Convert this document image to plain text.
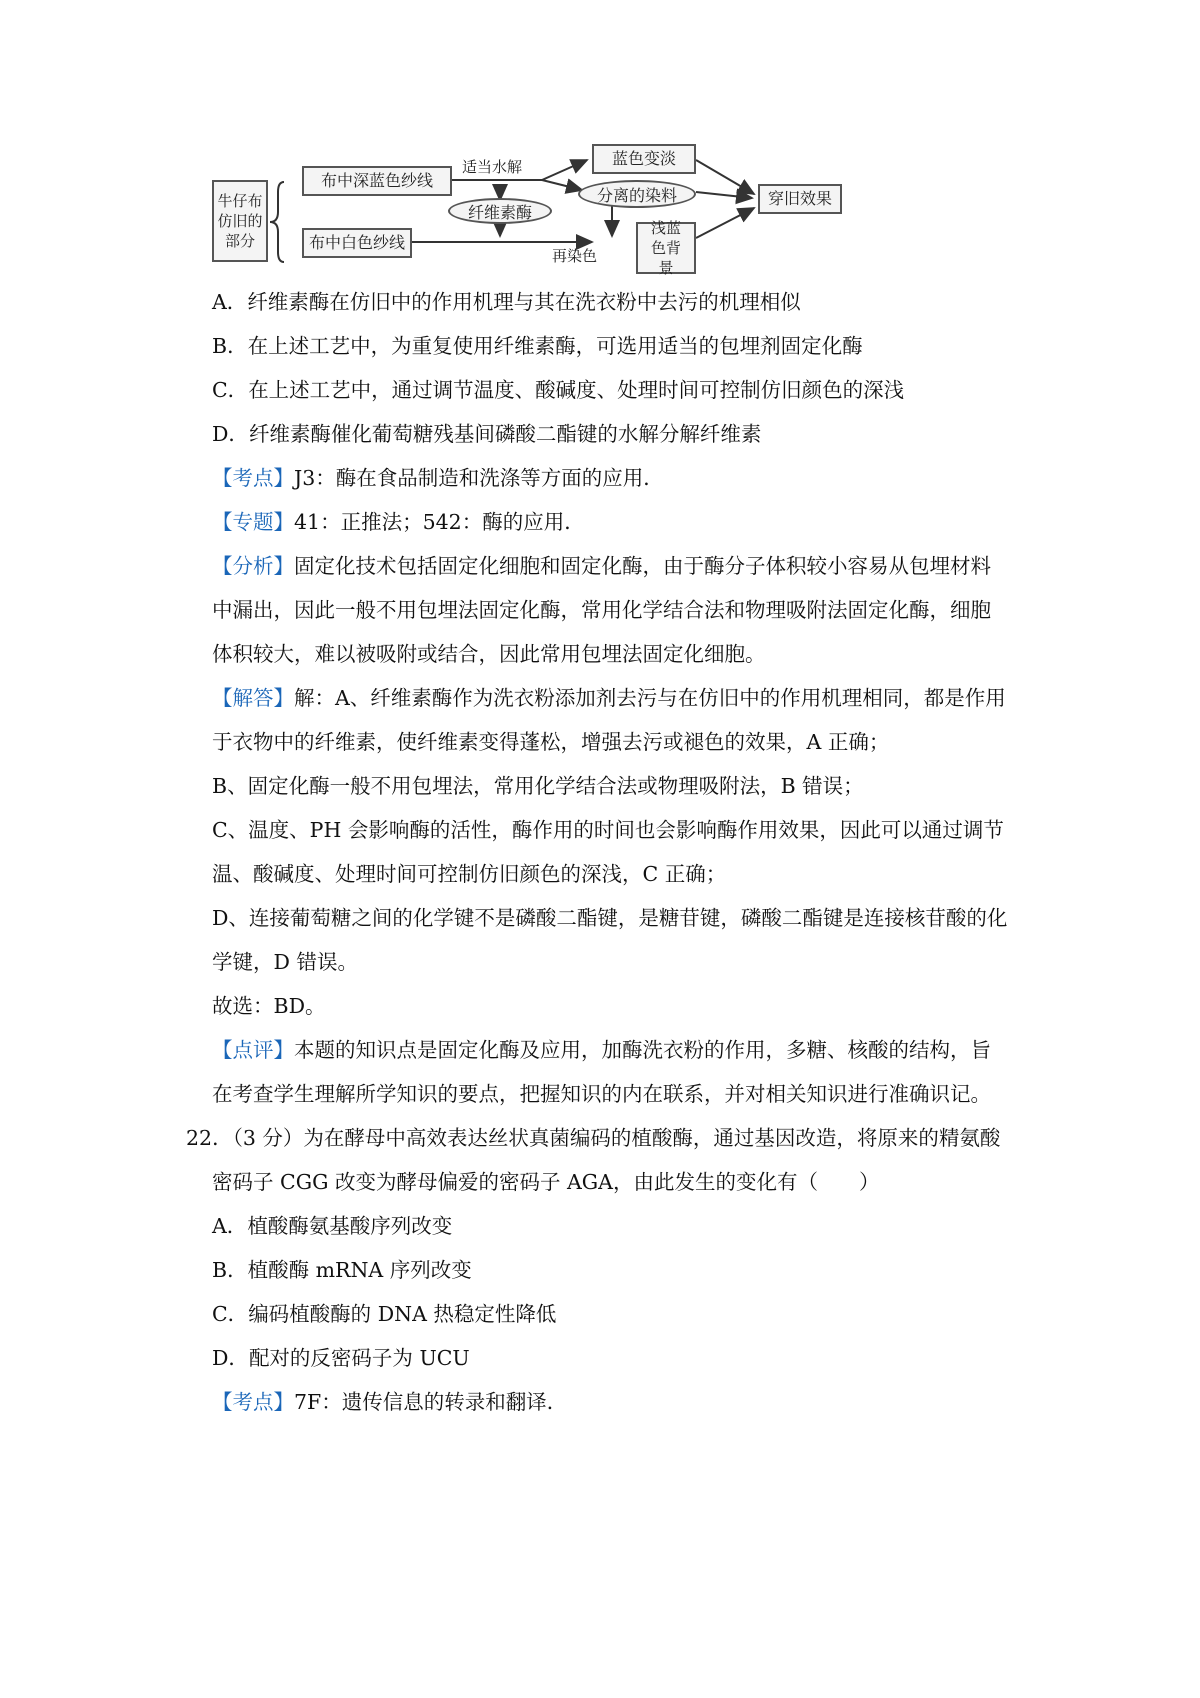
牛仔布仿旧的部分
布中深蓝色纱线
布中白色纱线
适当水解
纤维素酶
蓝色变淡
分离的染料
再染色
浅蓝色背景
穿旧效果
A．纤维素酶在仿旧中的作用机理与其在洗衣粉中去污的机理相似
B．在上述工艺中，为重复使用纤维素酶，可选用适当的包埋剂固定化酶
C．在上述工艺中，通过调节温度、酸碱度、处理时间可控制仿旧颜色的深浅
D．纤维素酶催化葡萄糖残基间磷酸二酯键的水解分解纤维素
【考点】J3：酶在食品制造和洗涤等方面的应用．
【专题】41：正推法；542：酶的应用．
【分析】固定化技术包括固定化细胞和固定化酶，由于酶分子体积较小容易从包埋材料
中漏出，因此一般不用包埋法固定化酶，常用化学结合法和物理吸附法固定化酶，细胞
体积较大，难以被吸附或结合，因此常用包埋法固定化细胞。
【解答】解：A、纤维素酶作为洗衣粉添加剂去污与在仿旧中的作用机理相同，都是作用
于衣物中的纤维素，使纤维素变得蓬松，增强去污或褪色的效果，A 正确；
B、固定化酶一般不用包埋法，常用化学结合法或物理吸附法，B 错误；
C、温度、PH 会影响酶的活性，酶作用的时间也会影响酶作用效果，因此可以通过调节
温、酸碱度、处理时间可控制仿旧颜色的深浅，C 正确；
D、连接葡萄糖之间的化学键不是磷酸二酯键，是糖苷键，磷酸二酯键是连接核苷酸的化
学键，D 错误。
故选：BD。
【点评】本题的知识点是固定化酶及应用，加酶洗衣粉的作用，多糖、核酸的结构，旨
在考查学生理解所学知识的要点，把握知识的内在联系，并对相关知识进行准确识记。
22．（3 分）为在酵母中高效表达丝状真菌编码的植酸酶，通过基因改造，将原来的精氨酸
密码子 CGG 改变为酵母偏爱的密码子 AGA，由此发生的变化有（　　）
A．植酸酶氨基酸序列改变
B．植酸酶 mRNA 序列改变
C．编码植酸酶的 DNA 热稳定性降低
D．配对的反密码子为 UCU
【考点】7F：遗传信息的转录和翻译．
